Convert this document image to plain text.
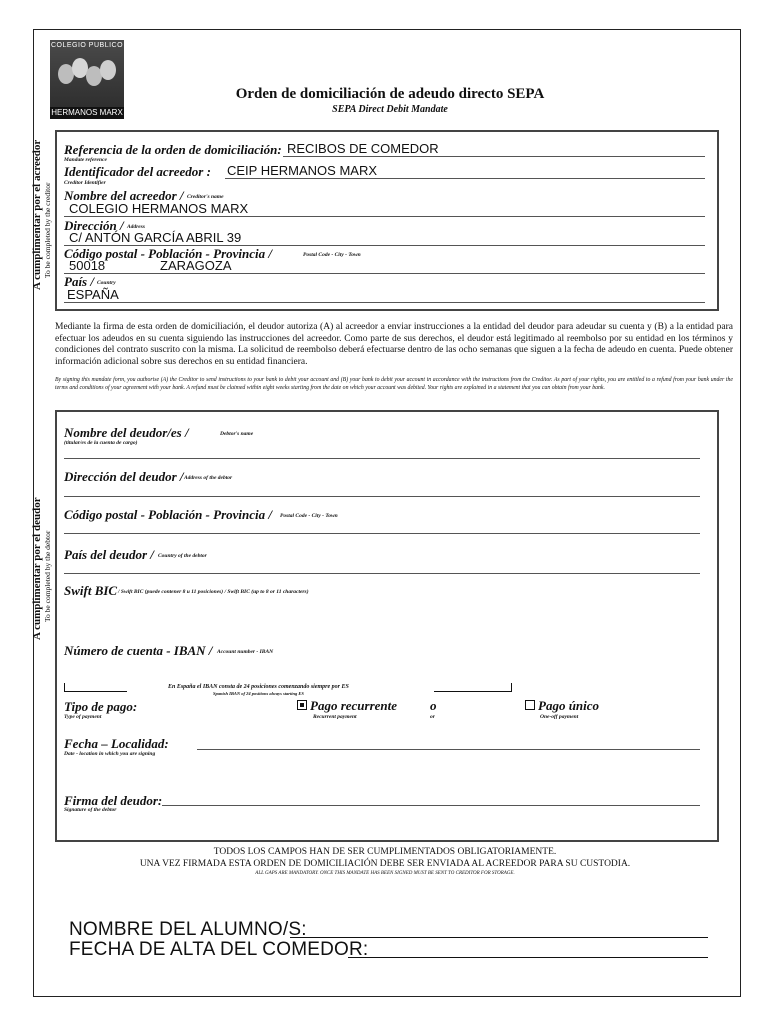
COLEGIO PUBLICO
HERMANOS MARX
Orden de domiciliación de adeudo directo SEPA
SEPA Direct Debit Mandate
A cumplimentar por el acreedor To be completed by the creditor
Referencia de la orden de domiciliación: RECIBOS DE COMEDOR
Mandate reference
Identificador del acreedor : CEIP HERMANOS MARX
Creditor Identifier
Nombre del acreedor / Creditor's name
COLEGIO HERMANOS MARX
Dirección / Address
C/ ANTÓN GARCÍA ABRIL 39
Código postal - Población - Provincia /	Postal Code - City - Town
50018	ZARAGOZA
País / Country
ESPAÑA
Mediante la firma de esta orden de domiciliación, el deudor autoriza (A) al acreedor a enviar instrucciones a la entidad del deudor para adeudar su cuenta y (B) a la entidad para efectuar los adeudos en su cuenta siguiendo las instrucciones del acreedor. Como parte de sus derechos, el deudor está legitimado al reembolso por su entidad en los términos y condiciones del contrato suscrito con la misma. La solicitud de reembolso deberá efectuarse dentro de las ocho semanas que siguen a la fecha de adeudo en cuenta. Puede obtener información adicional sobre sus derechos en su entidad financiera.
By signing this mandate form, you authorise (A) the Creditor to send instructions to your bank to debit your account and (B) your bank to debit your account in accordance with the instructions from the Creditor. As part of your rights, you are entitled to a refund from your bank under the terms and conditions of your agreement with your bank. A refund must be claimed within eight weeks starting from the date on which your account was debited. Your rights are explained in a statement that you can obtain from your bank.
A cumplimentar por el deudor To be completed by the debtor
Nombre del deudor/es /	Debtor's name
(titular/es de la cuenta de cargo)
Dirección del deudor / Address of the debtor
Código postal - Población - Provincia / Postal Code - City - Town
País del deudor / Country of the debtor
Swift BIC / Swift BIC (puede contener 8 u 11 posiciones) / Swift BIC (up to 8 or 11 characters)
Número de cuenta - IBAN / Account number - IBAN
En España el IBAN consta de 24 posiciones comenzando siempre por ES
Spanish IBAN of 24 positions always starting ES
Tipo de pago:
Type of payment
Pago recurrente
Recurrent payment
o
or
Pago único
One-off payment
Fecha – Localidad:
Date - location in which you are signing
Firma del deudor:
Signature of the debtor
TODOS LOS CAMPOS HAN DE SER CUMPLIMENTADOS OBLIGATORIAMENTE.
UNA VEZ FIRMADA ESTA ORDEN DE DOMICILIACIÓN DEBE SER ENVIADA AL ACREEDOR PARA SU CUSTODIA.
ALL GAPS ARE MANDATORY. ONCE THIS MANDATE HAS BEEN SIGNED MUST BE SENT TO CREDITOR FOR STORAGE.
NOMBRE DEL ALUMNO/S:
FECHA DE ALTA DEL COMEDOR:
